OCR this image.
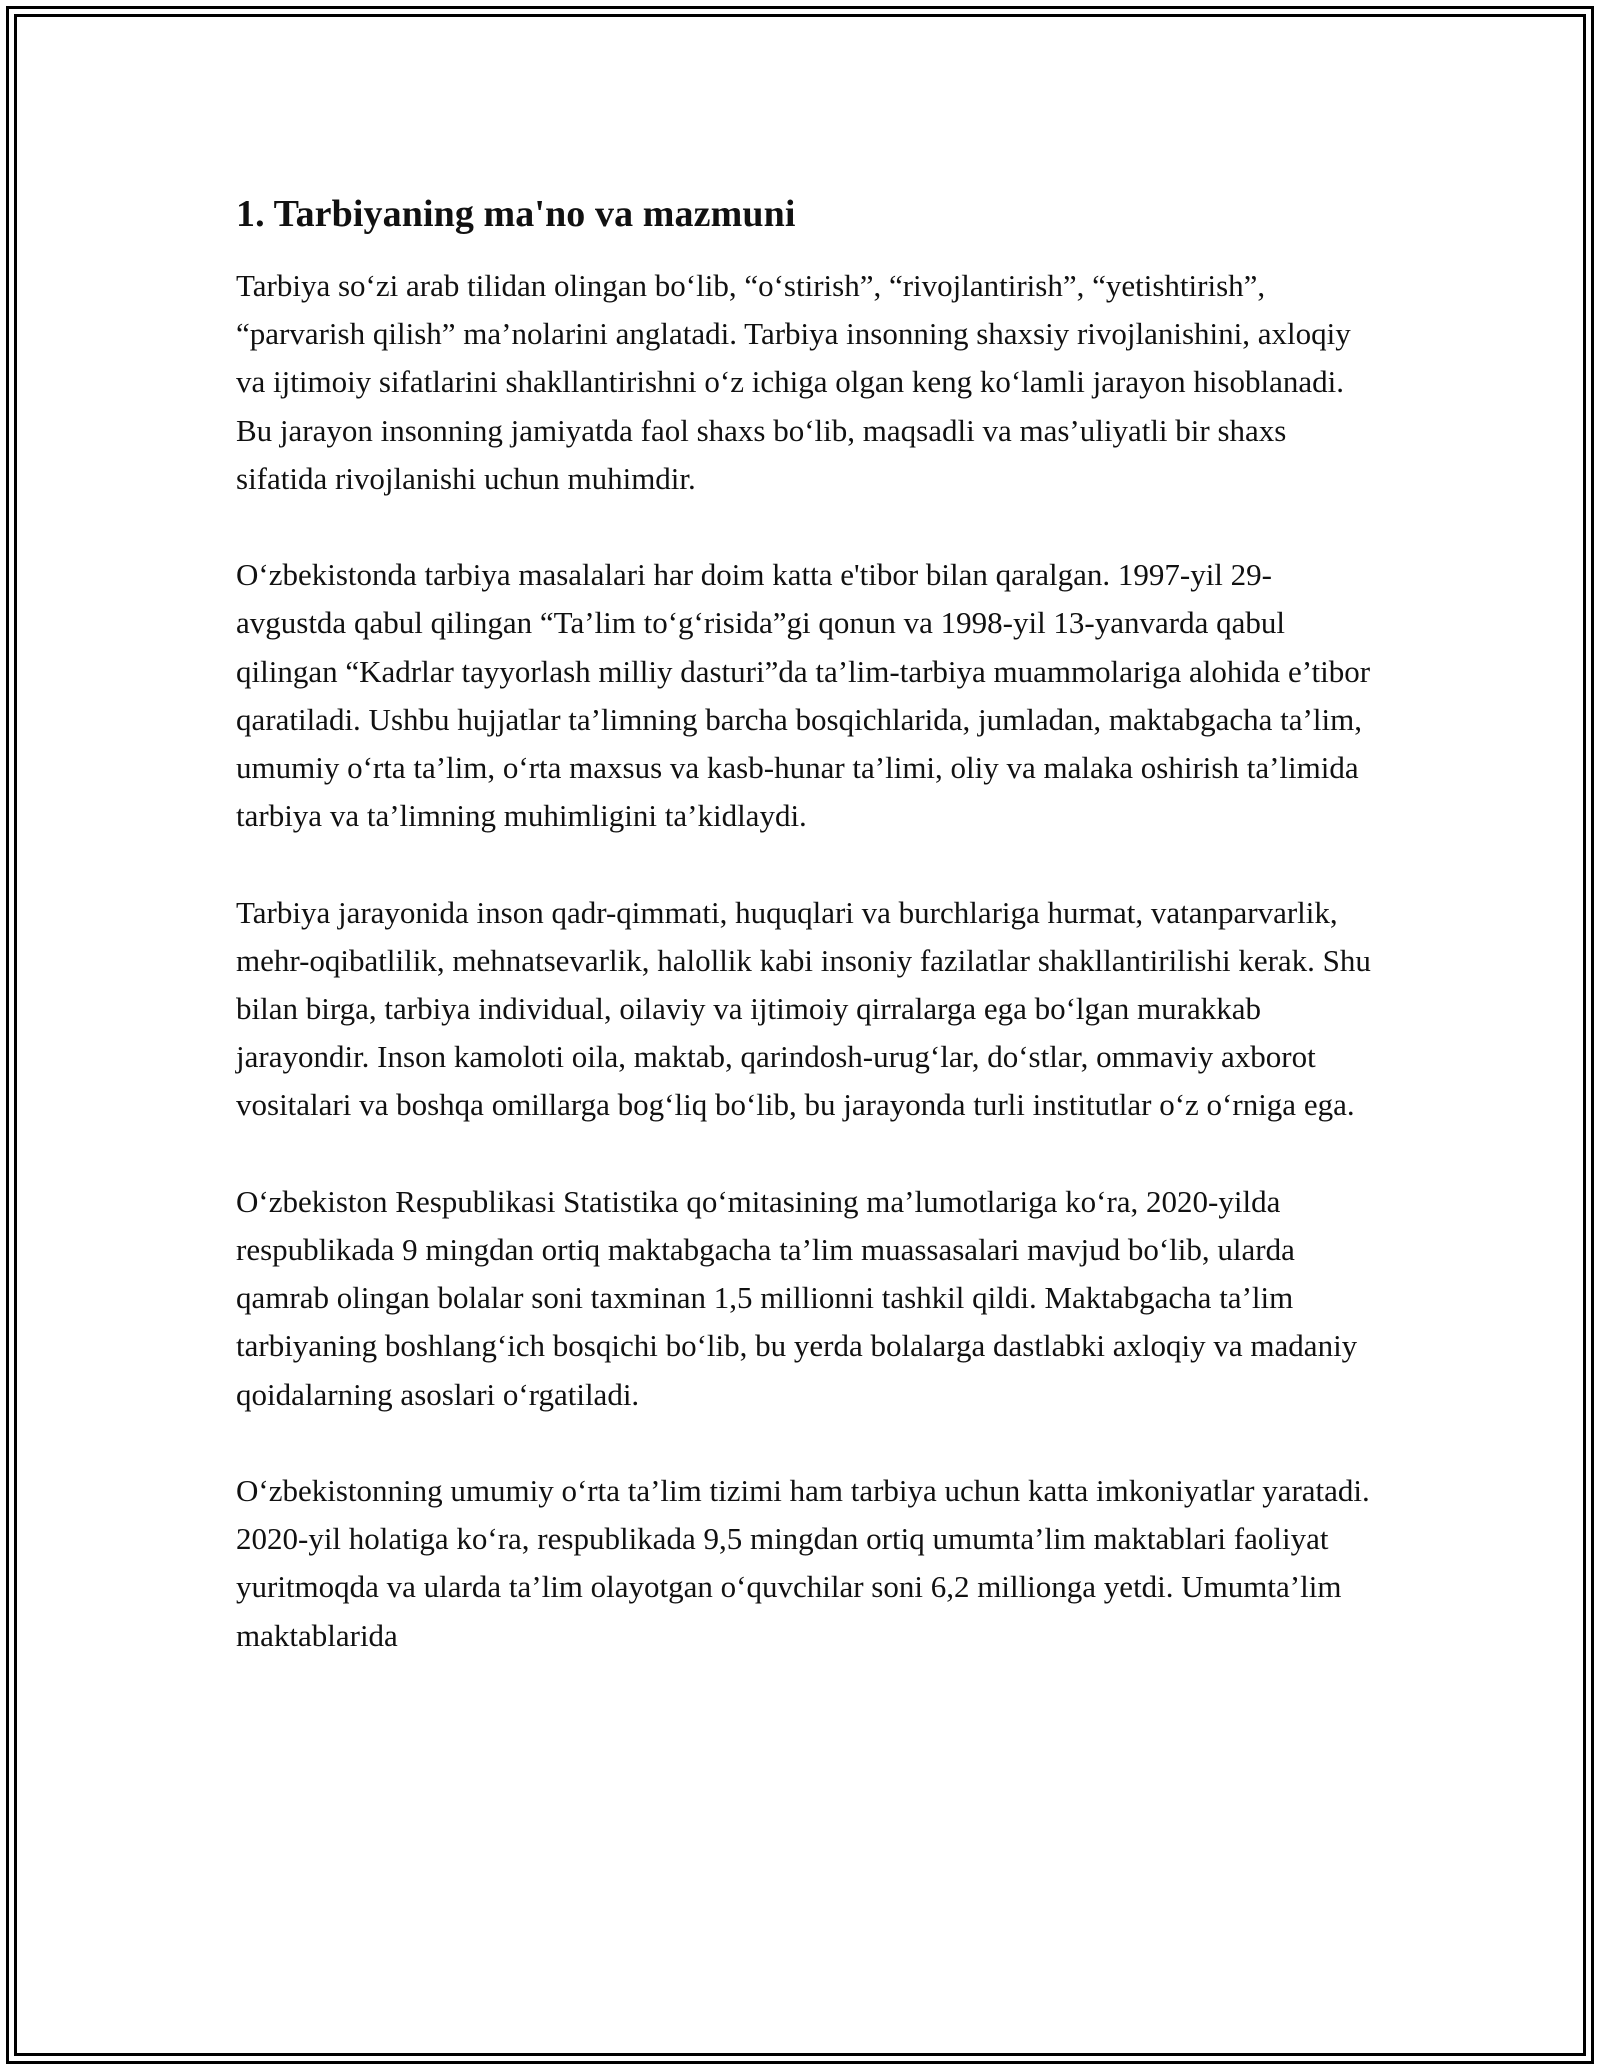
1. Tarbiyaning ma'no va mazmuni

Tarbiya so‘zi arab tilidan olingan bo‘lib, “o‘stirish”, “rivojlantirish”, “yetishtirish”, “parvarish qilish” ma’nolarini anglatadi. Tarbiya insonning shaxsiy rivojlanishini, axloqiy va ijtimoiy sifatlarini shakllantirishni o‘z ichiga olgan keng ko‘lamli jarayon hisoblanadi. Bu jarayon insonning jamiyatda faol shaxs bo‘lib, maqsadli va mas’uliyatli bir shaxs sifatida rivojlanishi uchun muhimdir.

O‘zbekistonda tarbiya masalalari har doim katta e'tibor bilan qaralgan. 1997-yil 29-avgustda qabul qilingan “Ta’lim to‘g‘risida”gi qonun va 1998-yil 13-yanvarda qabul qilingan “Kadrlar tayyorlash milliy dasturi”da ta’lim-tarbiya muammolariga alohida e’tibor qaratiladi. Ushbu hujjatlar ta’limning barcha bosqichlarida, jumladan, maktabgacha ta’lim, umumiy o‘rta ta’lim, o‘rta maxsus va kasb-hunar ta’limi, oliy va malaka oshirish ta’limida tarbiya va ta’limning muhimligini ta’kidlaydi.

Tarbiya jarayonida inson qadr-qimmati, huquqlari va burchlariga hurmat, vatanparvarlik, mehr-oqibatlilik, mehnatsevarlik, halollik kabi insoniy fazilatlar shakllantirilishi kerak. Shu bilan birga, tarbiya individual, oilaviy va ijtimoiy qirralarga ega bo‘lgan murakkab jarayondir. Inson kamoloti oila, maktab, qarindosh-urug‘lar, do‘stlar, ommaviy axborot vositalari va boshqa omillarga bog‘liq bo‘lib, bu jarayonda turli institutlar o‘z o‘rniga ega.

O‘zbekiston Respublikasi Statistika qo‘mitasining ma’lumotlariga ko‘ra, 2020-yilda respublikada 9 mingdan ortiq maktabgacha ta’lim muassasalari mavjud bo‘lib, ularda qamrab olingan bolalar soni taxminan 1,5 millionni tashkil qildi. Maktabgacha ta’lim tarbiyaning boshlang‘ich bosqichi bo‘lib, bu yerda bolalarga dastlabki axloqiy va madaniy qoidalarning asoslari o‘rgatiladi.

O‘zbekistonning umumiy o‘rta ta’lim tizimi ham tarbiya uchun katta imkoniyatlar yaratadi. 2020-yil holatiga ko‘ra, respublikada 9,5 mingdan ortiq umumta’lim maktablari faoliyat yuritmoqda va ularda ta’lim olayotgan o‘quvchilar soni 6,2 millionga yetdi. Umumta’lim maktablarida
